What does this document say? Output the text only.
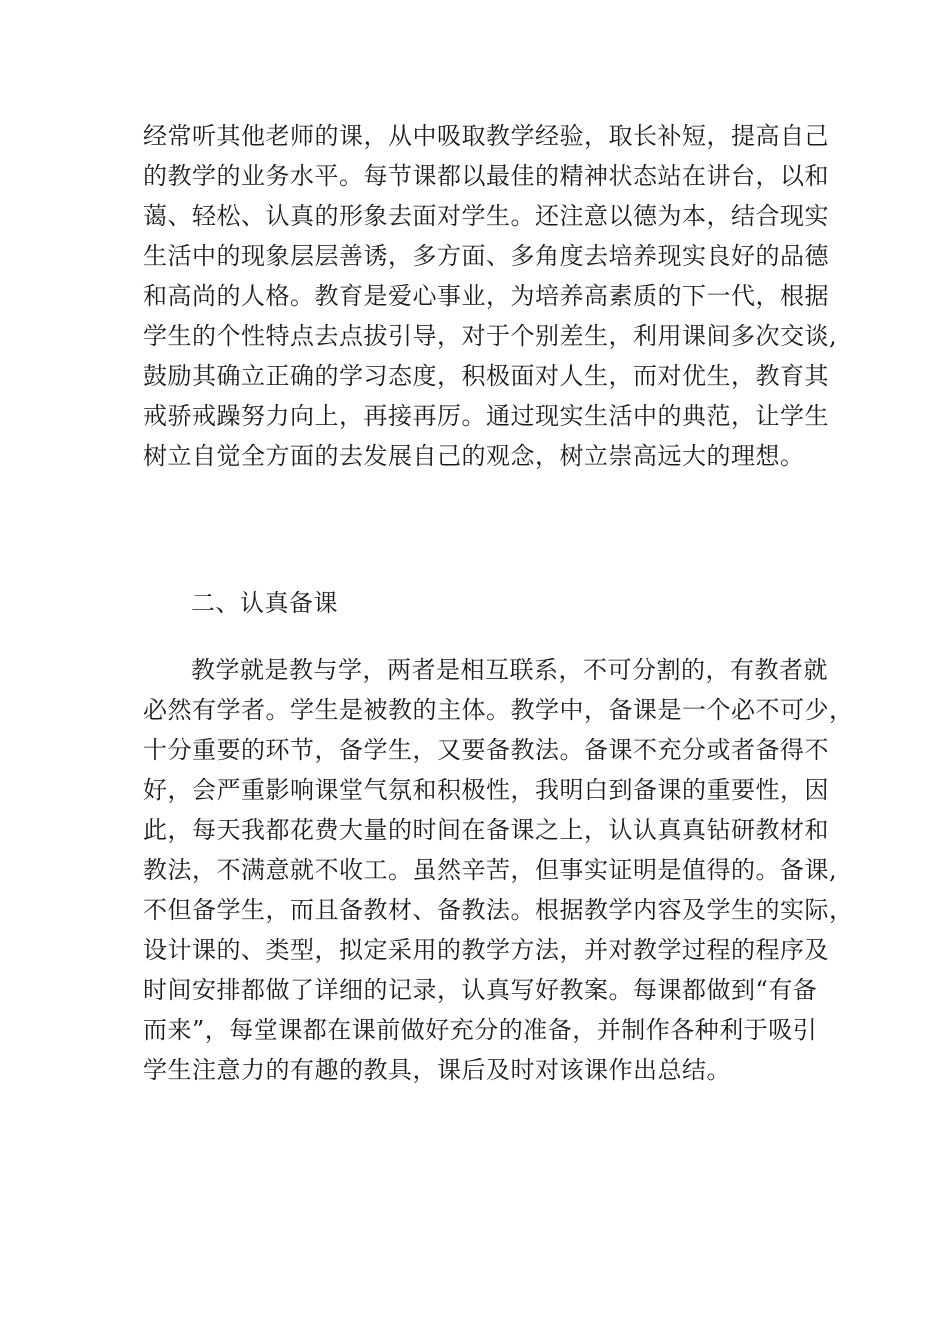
经常听其他老师的课，从中吸取教学经验，取长补短，提高自己
的教学的业务水平。每节课都以最佳的精神状态站在讲台，以和
蔼、轻松、认真的形象去面对学生。还注意以德为本，结合现实
生活中的现象层层善诱，多方面、多角度去培养现实良好的品德
和高尚的人格。教育是爱心事业，为培养高素质的下一代，根据
学生的个性特点去点拔引导，对于个别差生，利用课间多次交谈,
鼓励其确立正确的学习态度，积极面对人生，而对优生，教育其
戒骄戒躁努力向上，再接再厉。通过现实生活中的典范，让学生
树立自觉全方面的去发展自己的观念，树立崇高远大的理想。
二、认真备课
教学就是教与学，两者是相互联系，不可分割的，有教者就
必然有学者。学生是被教的主体。教学中，备课是一个必不可少，
十分重要的环节，备学生，又要备教法。备课不充分或者备得不
好，会严重影响课堂气氛和积极性，我明白到备课的重要性，因
此，每天我都花费大量的时间在备课之上，认认真真钻研教材和
教法，不满意就不收工。虽然辛苦，但事实证明是值得的。备课,
不但备学生，而且备教材、备教法。根据教学内容及学生的实际，
设计课的、类型，拟定采用的教学方法，并对教学过程的程序及
时间安排都做了详细的记录，认真写好教案。每课都做到“有备
而来”，每堂课都在课前做好充分的准备，并制作各种利于吸引
学生注意力的有趣的教具，课后及时对该课作出总结。
